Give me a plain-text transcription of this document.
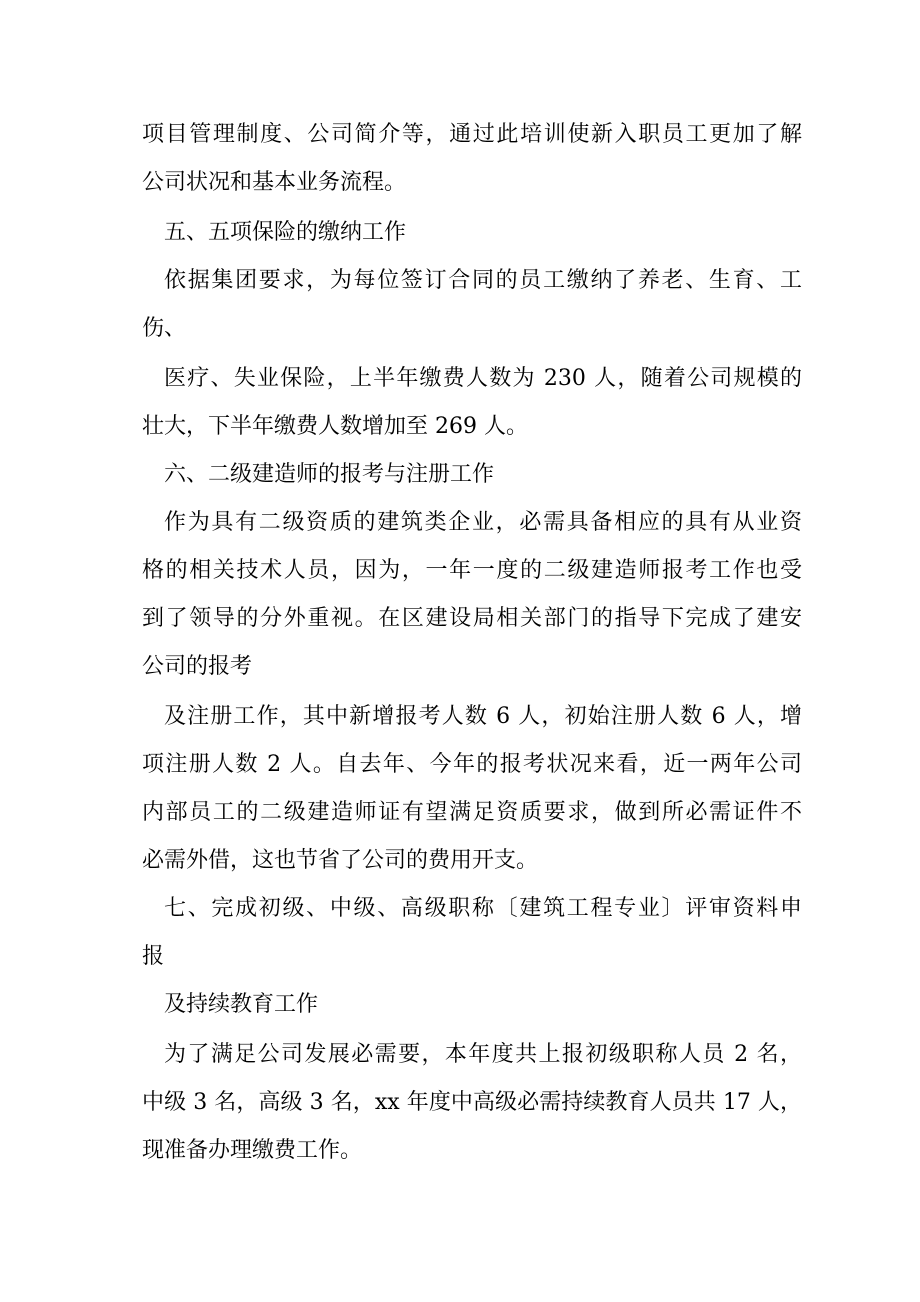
项目管理制度、公司简介等，通过此培训使新入职员工更加了解
公司状况和基本业务流程。
五、五项保险的缴纳工作
依据集团要求，为每位签订合同的员工缴纳了养老、生育、工
伤、
医疗、失业保险，上半年缴费人数为 230 人，随着公司规模的
壮大，下半年缴费人数增加至 269 人。
六、二级建造师的报考与注册工作
作为具有二级资质的建筑类企业，必需具备相应的具有从业资
格的相关技术人员，因为，一年一度的二级建造师报考工作也受
到了领导的分外重视。在区建设局相关部门的指导下完成了建安
公司的报考
及注册工作，其中新增报考人数 6 人，初始注册人数 6 人，增
项注册人数 2 人。自去年、今年的报考状况来看，近一两年公司
内部员工的二级建造师证有望满足资质要求，做到所必需证件不
必需外借，这也节省了公司的费用开支。
七、完成初级、中级、高级职称〔建筑工程专业〕评审资料申
报
及持续教育工作
为了满足公司发展必需要，本年度共上报初级职称人员 2 名，
中级 3 名，高级 3 名，xx 年度中高级必需持续教育人员共 17 人，
现准备办理缴费工作。
